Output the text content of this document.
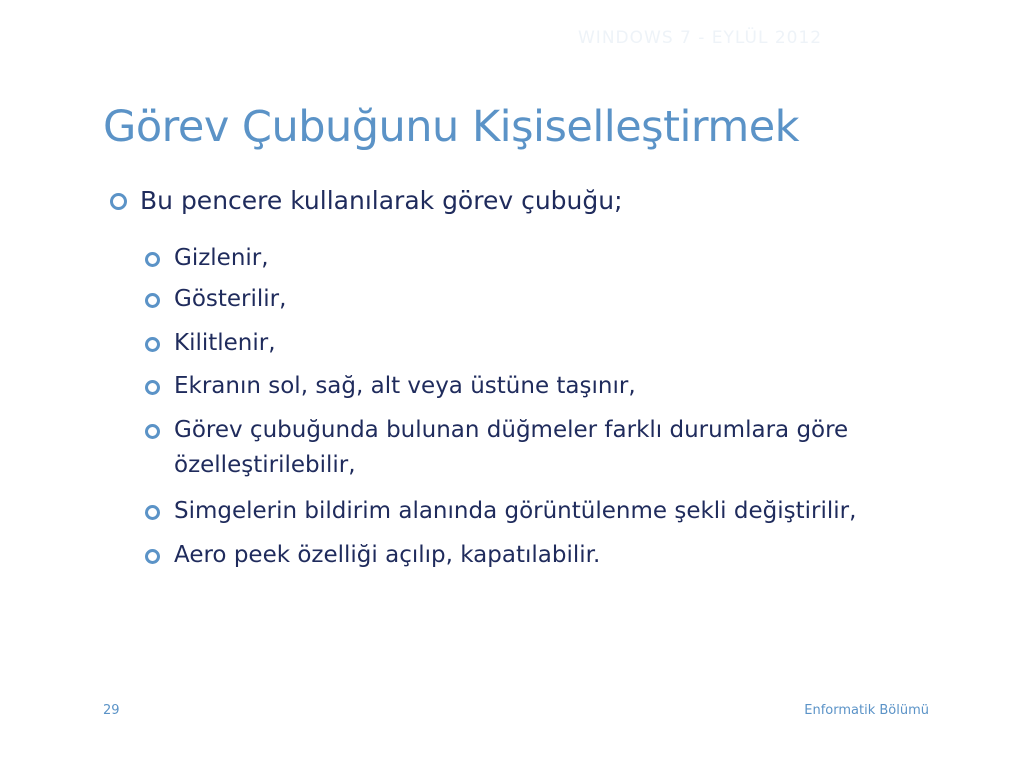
WINDOWS 7 - EYLÜL 2012
Görev Çubuğunu Kişiselleştirmek
Bu pencere kullanılarak görev çubuğu;
Gizlenir,
Gösterilir,
Kilitlenir,
Ekranın sol, sağ, alt veya üstüne taşınır,
Görev çubuğunda bulunan düğmeler farklı durumlara göre özelleştirilebilir,
Simgelerin bildirim alanında görüntülenme şekli değiştirilir,
Aero peek özelliği açılıp, kapatılabilir.
29	Enformatik Bölümü
